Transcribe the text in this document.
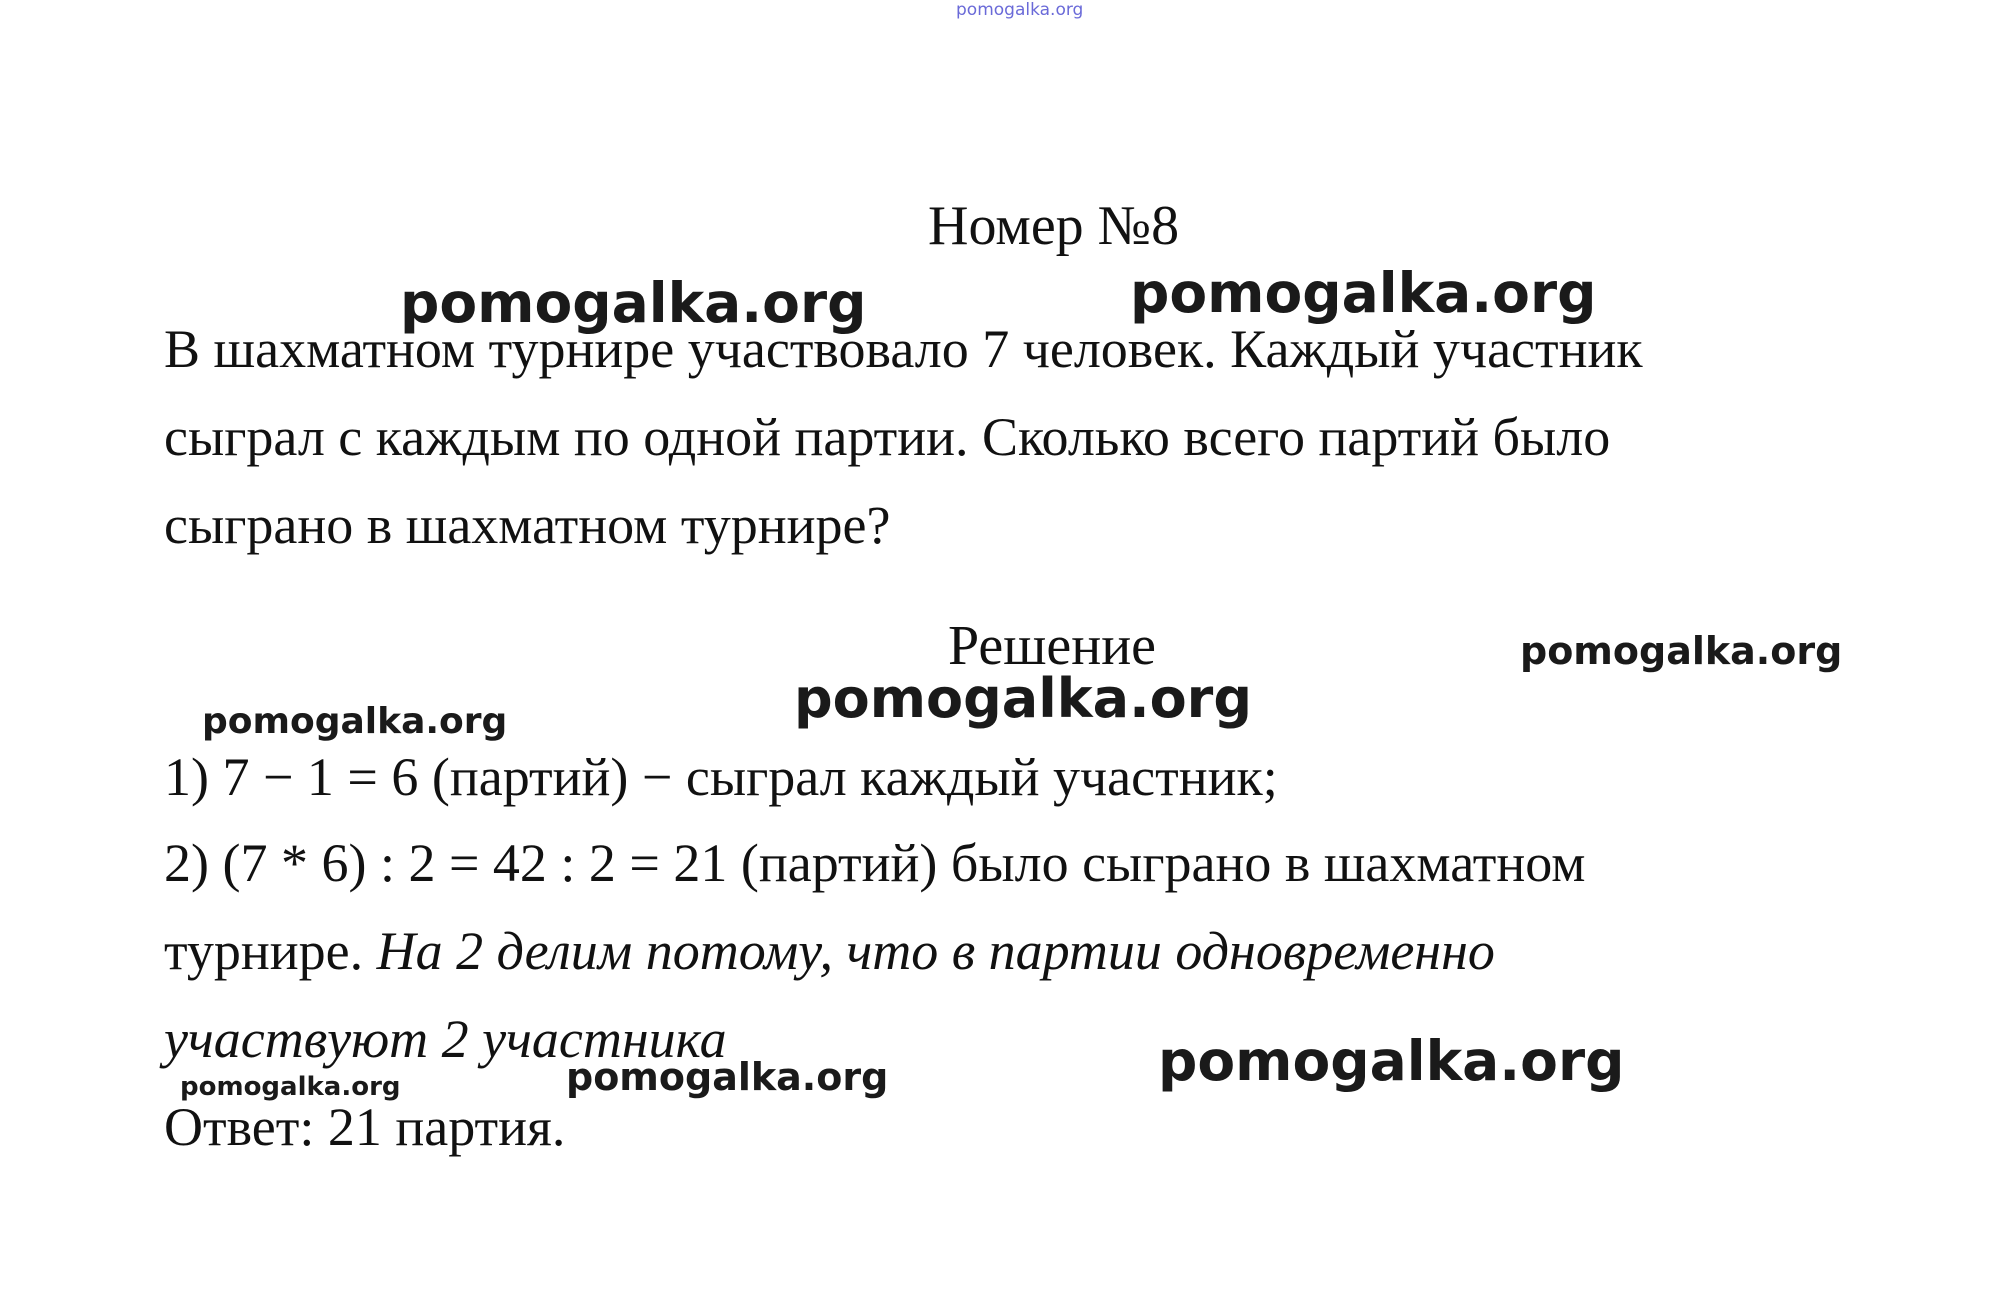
pomogalka.org
Номер №8
pomogalka.org	pomogalka.org
В шахматном турнире участвовало 7 человек. Каждый участник
сыграл с каждым по одной партии. Сколько всего партий было
сыграно в шахматном турнире?
Решение	pomogalka.org
pomogalka.org
pomogalka.org
1) 7 − 1 = 6 (партий) − сыграл каждый участник;
2) (7 * 6) : 2 = 42 : 2 = 21 (партий) было сыграно в шахматном
турнире. На 2 делим потому, что в партии одновременно
участвуют 2 участника
pomogalka.org	pomogalka.org	pomogalka.org
Ответ: 21 партия.
